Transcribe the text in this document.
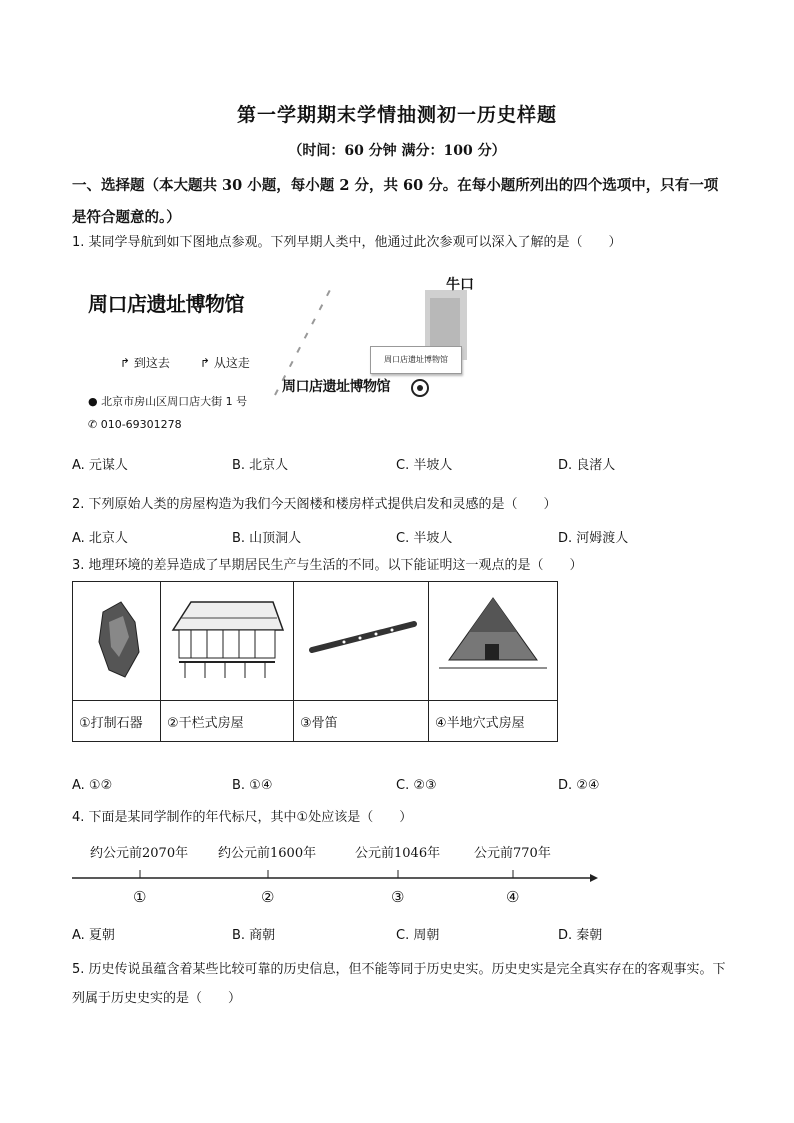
第一学期期末学情抽测初一历史样题
（时间：60 分钟 满分：100 分）
一、选择题（本大题共 30 小题，每小题 2 分，共 60 分。在每小题所列出的四个选项中，只有一项是符合题意的。）
1. 某同学导航到如下图地点参观。下列早期人类中，他通过此次参观可以深入了解的是（　　）
周口店遗址博物馆
↱ 到这去	↱ 从这走
● 北京市房山区周口店大街 1 号
✆ 010-69301278
牛口
周口店遗址博物馆
周口店遗址博物馆
A. 元谋人	B. 北京人	C. 半坡人	D. 良渚人
2. 下列原始人类的房屋构造为我们今天阁楼和楼房样式提供启发和灵感的是（　　）
A. 北京人	B. 山顶洞人	C. 半坡人	D. 河姆渡人
3. 地理环境的差异造成了早期居民生产与生活的不同。以下能证明这一观点的是（　　）

①打制石器	②干栏式房屋	③骨笛	④半地穴式房屋
A. ①②	B. ①④	C. ②③	D. ②④
4. 下面是某同学制作的年代标尺，其中①处应该是（　　）
约公元前2070年 约公元前1600年	公元前1046年	公元前770年
①	②	③	④
A. 夏朝	B. 商朝	C. 周朝	D. 秦朝
5. 历史传说虽蕴含着某些比较可靠的历史信息，但不能等同于历史史实。历史史实是完全真实存在的客观事实。下列属于历史史实的是（　　）
